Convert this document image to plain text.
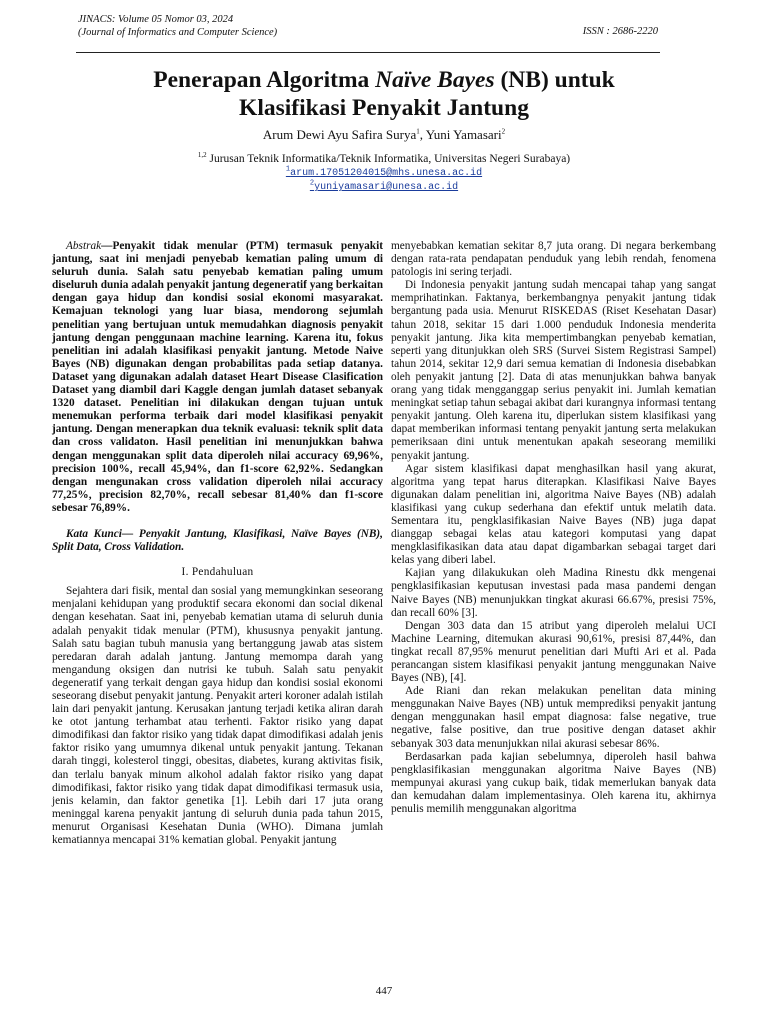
JINACS: Volume 05 Nomor 03, 2024
(Journal of Informatics and Computer Science)	ISSN : 2686-2220
Penerapan Algoritma Naïve Bayes (NB) untuk
Klasifikasi Penyakit Jantung
Arum Dewi Ayu Safira Surya$^1$, Yuni Yamasari$^2$
$^{1,2}$ Jurusan Teknik Informatika/Teknik Informatika, Universitas Negeri Surabaya)
$^1$arum.17051204015@mhs.unesa.ac.id
$^2$yuniyamasari@unesa.ac.id

Abstrak—Penyakit tidak menular (PTM) termasuk penyakit jantung, saat ini menjadi penyebab kematian paling umum di seluruh dunia. Salah satu penyebab kematian paling umum diseluruh dunia adalah penyakit jantung degeneratif yang berkaitan dengan gaya hidup dan kondisi sosial ekonomi masyarakat. Kemajuan teknologi yang luar biasa, mendorong sejumlah penelitian yang bertujuan untuk memudahkan diagnosis penyakit jantung dengan penggunaan machine learning. Karena itu, fokus penelitian ini adalah klasifikasi penyakit jantung. Metode Naive Bayes (NB) digunakan dengan probabilitas pada setiap datanya. Dataset yang digunakan adalah dataset Heart Disease Clasification Dataset yang diambil dari Kaggle dengan jumlah dataset sebanyak 1320 dataset. Penelitian ini dilakukan dengan tujuan untuk menemukan performa terbaik dari model klasifikasi penyakit jantung. Dengan menerapkan dua teknik evaluasi: teknik split data dan cross validaton. Hasil penelitian ini menunjukkan bahwa dengan menggunakan split data diperoleh nilai accuracy 69,96%, precision 100%, recall 45,94%, dan f1-score 62,92%. Sedangkan dengan mengunakan cross validation diperoleh nilai accuracy 77,25%, precision 82,70%, recall sebesar 81,40% dan f1-score sebesar 76,89%.

Kata Kunci— Penyakit Jantung, Klasifikasi, Naïve Bayes (NB), Split Data, Cross Validation.

I. Pendahuluan

Sejahtera dari fisik, mental dan sosial yang memungkinkan seseorang menjalani kehidupan yang produktif secara ekonomi dan social dikenal dengan kesehatan. Saat ini, penyebab kematian utama di seluruh dunia adalah penyakit tidak menular (PTM), khususnya penyakit jantung. Salah satu bagian tubuh manusia yang bertanggung jawab atas sistem peredaran darah adalah jantung. Jantung memompa darah yang mengandung oksigen dan nutrisi ke tubuh. Salah satu penyakit degeneratif yang terkait dengan gaya hidup dan kondisi sosial ekonomi seseorang disebut penyakit jantung. Penyakit arteri koroner adalah istilah lain dari penyakit jantung. Kerusakan jantung terjadi ketika aliran darah ke otot jantung terhambat atau terhenti. Faktor risiko yang dapat dimodifikasi dan faktor risiko yang tidak dapat dimodifikasi adalah jenis faktor risiko yang umumnya dikenal untuk penyakit jantung. Tekanan darah tinggi, kolesterol tinggi, obesitas, diabetes, kurang aktivitas fisik, dan terlalu banyak minum alkohol adalah faktor risiko yang dapat dimodifikasi, faktor risiko yang tidak dapat dimodifikasi termasuk usia, jenis kelamin, dan faktor genetika [1]. Lebih dari 17 juta orang meninggal karena penyakit jantung di seluruh dunia pada tahun 2015, menurut Organisasi Kesehatan Dunia (WHO). Dimana jumlah kematiannya mencapai 31% kematian global. Penyakit jantung

menyebabkan kematian sekitar 8,7 juta orang. Di negara berkembang dengan rata-rata pendapatan penduduk yang lebih rendah, fenomena patologis ini sering terjadi.

Di Indonesia penyakit jantung sudah mencapai tahap yang sangat memprihatinkan. Faktanya, berkembangnya penyakit jantung tidak bergantung pada usia. Menurut RISKEDAS (Riset Kesehatan Dasar) tahun 2018, sekitar 15 dari 1.000 penduduk Indonesia menderita penyakit jantung. Jika kita mempertimbangkan penyebab kematian, seperti yang ditunjukkan oleh SRS (Survei Sistem Registrasi Sampel) tahun 2014, sekitar 12,9 dari semua kematian di Indonesia disebabkan oleh penyakit jantung [2]. Data di atas menunjukkan bahwa banyak orang yang tidak mengganggap serius penyakit ini. Jumlah kematian meningkat setiap tahun sebagai akibat dari kurangnya informasi tentang penyakit jantung. Oleh karena itu, diperlukan sistem klasifikasi yang dapat memberikan informasi tentang penyakit jantung serta melakukan pemeriksaan dini untuk menentukan apakah seseorang memiliki penyakit jantung.

Agar sistem klasifikasi dapat menghasilkan hasil yang akurat, algoritma yang tepat harus diterapkan. Klasifikasi Naive Bayes digunakan dalam penelitian ini, algoritma Naive Bayes (NB) adalah klasifikasi yang cukup sederhana dan efektif untuk melatih data. Sementara itu, pengklasifikasian Naive Bayes (NB) juga dapat dianggap sebagai kelas atau kategori komputasi yang dapat mengklasifikasikan data atau dapat digambarkan sebagai target dari kelas yang diberi label.

Kajian yang dilakukukan oleh Madina Rinestu dkk mengenai pengklasifikasian keputusan investasi pada masa pandemi dengan Naive Bayes (NB) menunjukkan tingkat akurasi 66.67%, presisi 75%, dan recall 60% [3].

Dengan 303 data dan 15 atribut yang diperoleh melalui UCI Machine Learning, ditemukan akurasi 90,61%, presisi 87,44%, dan tingkat recall 87,95% menurut penelitian dari Mufti Ari et al. Pada perancangan sistem klasifikasi penyakit jantung menggunakan Naive Bayes (NB), [4].

Ade Riani dan rekan melakukan penelitan data mining menggunakan Naive Bayes (NB) untuk memprediksi penyakit jantung dengan menggunakan hasil empat diagnosa: false negative, true negative, false positive, dan true positive dengan dataset akhir sebanyak 303 data menunjukkan nilai akurasi sebesar 86%.

Berdasarkan pada kajian sebelumnya, diperoleh hasil bahwa pengklasifikasian menggunakan algoritma Naive Bayes (NB) mempunyai akurasi yang cukup baik, tidak memerlukan banyak data dan kemudahan dalam implementasinya. Oleh karena itu, akhirnya penulis memilih menggunakan algoritma

447
